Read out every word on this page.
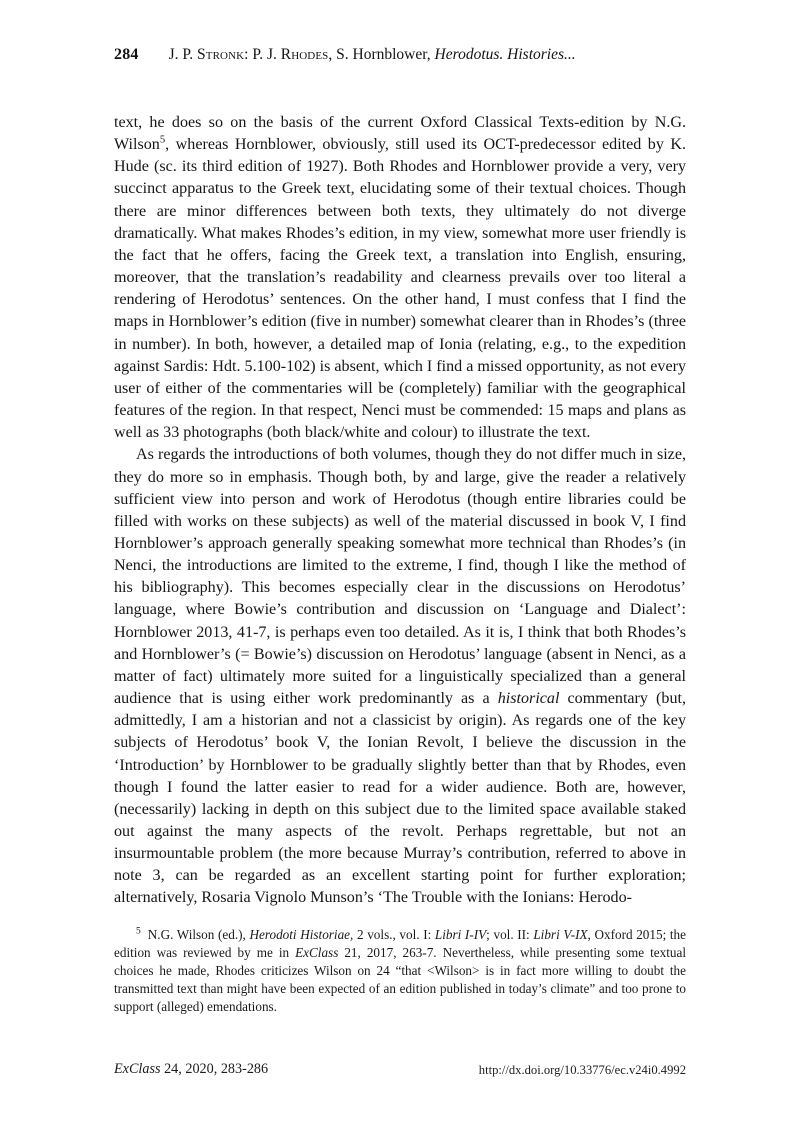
284 J. P. Stronk: P. J. Rhodes, S. Hornblower, Herodotus. Histories...

text, he does so on the basis of the current Oxford Classical Texts-edition by N.G. Wilson$^5$, whereas Hornblower, obviously, still used its OCT-predecessor edited by K. Hude (sc. its third edition of 1927). Both Rhodes and Hornblower provide a very, very succinct apparatus to the Greek text, elucidating some of their textual choices. Though there are minor differences between both texts, they ultimately do not diverge dramatically. What makes Rhodes’s edition, in my view, somewhat more user friendly is the fact that he offers, facing the Greek text, a translation into English, ensuring, moreover, that the translation’s readability and clearness prevails over too literal a rendering of Herodotus’ sentences. On the other hand, I must confess that I find the maps in Hornblower’s edition (five in number) somewhat clearer than in Rhodes’s (three in number). In both, however, a detailed map of Ionia (relating, e.g., to the expedition against Sardis: Hdt. 5.100-102) is absent, which I find a missed opportunity, as not every user of either of the commentaries will be (completely) familiar with the geographical features of the region. In that respect, Nenci must be commended: 15 maps and plans as well as 33 photographs (both black/white and colour) to illustrate the text.

As regards the introductions of both volumes, though they do not differ much in size, they do more so in emphasis. Though both, by and large, give the reader a relatively sufficient view into person and work of Herodotus (though entire libraries could be filled with works on these subjects) as well of the material discussed in book V, I find Hornblower’s approach generally speaking somewhat more technical than Rhodes’s (in Nenci, the introductions are limited to the extreme, I find, though I like the method of his bibliography). This becomes especially clear in the discussions on Herodotus’ language, where Bowie’s contribution and discussion on ‘Language and Dialect’: Hornblower 2013, 41-7, is perhaps even too detailed. As it is, I think that both Rhodes’s and Hornblower’s (= Bowie’s) discussion on Herodotus’ language (absent in Nenci, as a matter of fact) ultimately more suited for a linguistically specialized than a general audience that is using either work predominantly as a historical commentary (but, admittedly, I am a historian and not a classicist by origin). As regards one of the key subjects of Herodotus’ book V, the Ionian Revolt, I believe the discussion in the ‘Introduction’ by Hornblower to be gradually slightly better than that by Rhodes, even though I found the latter easier to read for a wider audience. Both are, however, (necessarily) lacking in depth on this subject due to the limited space available staked out against the many aspects of the revolt. Perhaps regrettable, but not an insurmountable problem (the more because Murray’s contribution, referred to above in note 3, can be regarded as an excellent starting point for further exploration; alternatively, Rosaria Vignolo Munson’s ‘The Trouble with the Ionians: Herodo-

$^5$ N.G. Wilson (ed.), Herodoti Historiae, 2 vols., vol. I: Libri I-IV; vol. II: Libri V-IX, Oxford 2015; the edition was reviewed by me in ExClass 21, 2017, 263-7. Nevertheless, while presenting some textual choices he made, Rhodes criticizes Wilson on 24 “that <Wilson> is in fact more willing to doubt the transmitted text than might have been expected of an edition published in today’s climate” and too prone to support (alleged) emendations.

ExClass 24, 2020, 283-286	http://dx.doi.org/10.33776/ec.v24i0.4992
